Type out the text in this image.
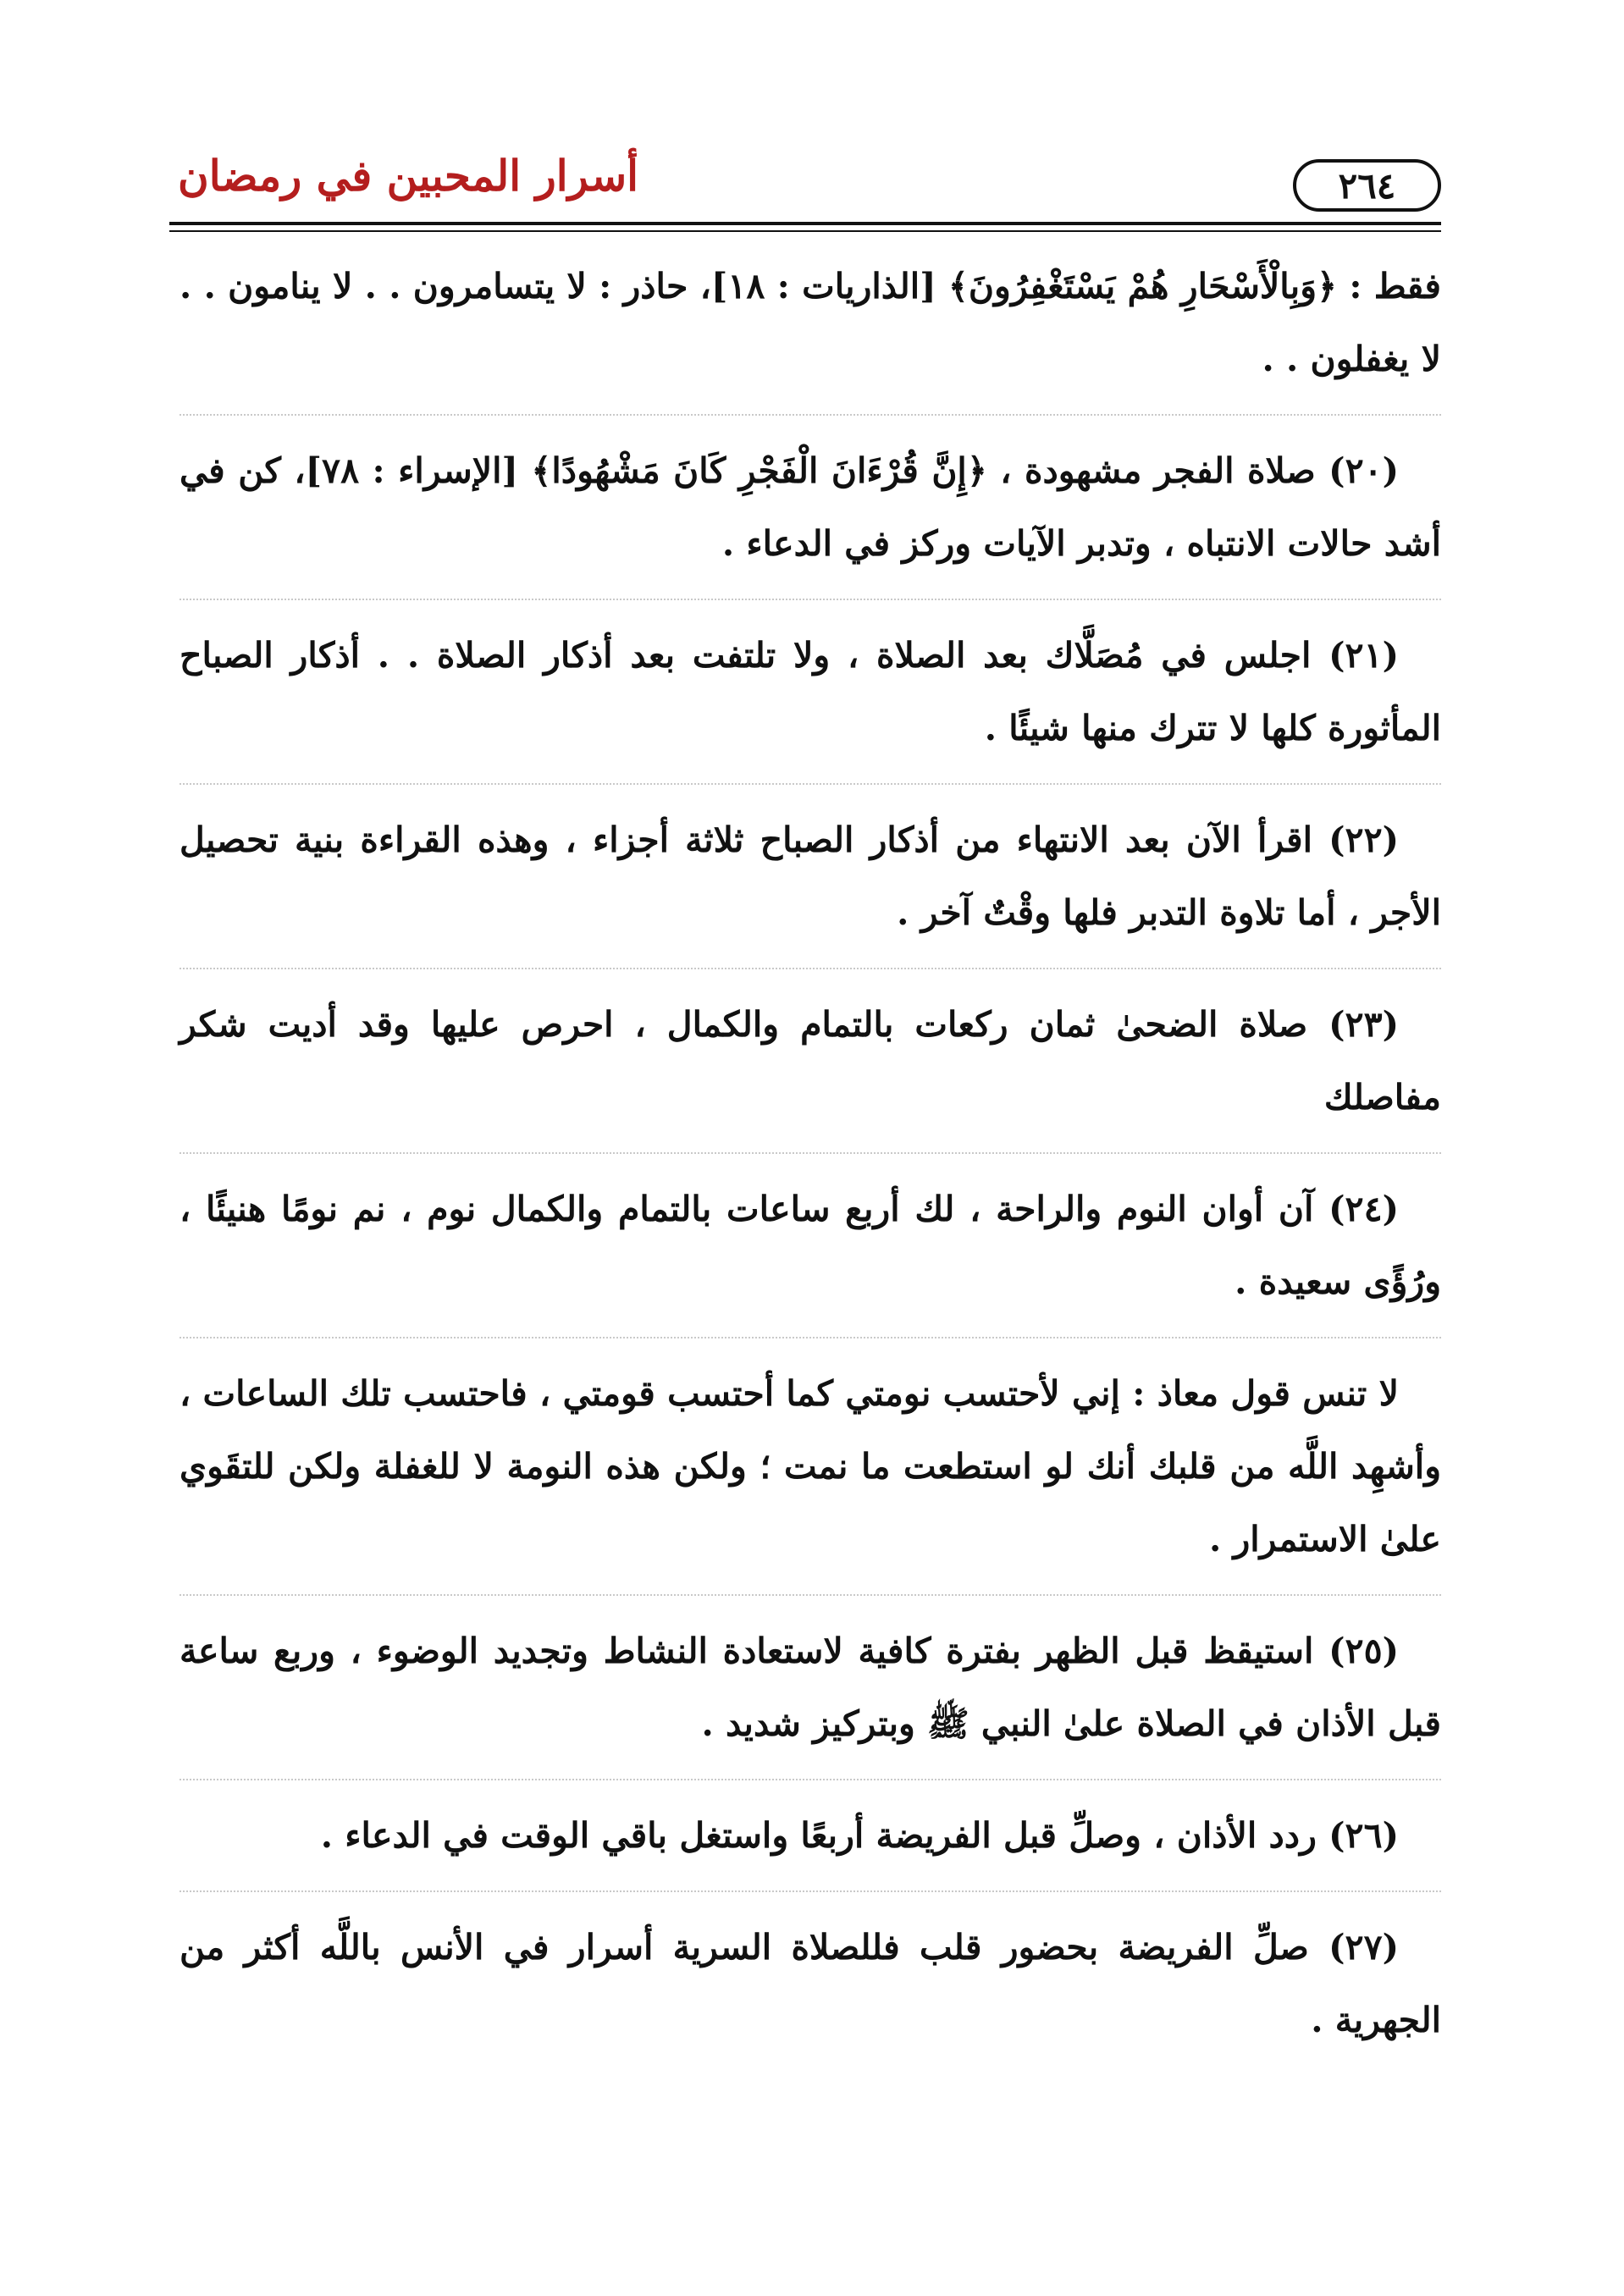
٢٦٤
أسرار المحبين في رمضان

فقط : ﴿وَبِالْأَسْحَارِ هُمْ يَسْتَغْفِرُونَ﴾ [الذاريات : ١٨]، حاذر : لا يتسامرون . . لا ينامون . . لا يغفلون . .

(٢٠) صلاة الفجر مشهودة ، ﴿إِنَّ قُرْءَانَ الْفَجْرِ كَانَ مَشْهُودًا﴾ [الإسراء : ٧٨]، كن في أشد حالات الانتباه ، وتدبر الآيات وركز في الدعاء .

(٢١) اجلس في مُصَلَّاك بعد الصلاة ، ولا تلتفت بعد أذكار الصلاة . . أذكار الصباح المأثورة كلها لا تترك منها شيئًا .

(٢٢) اقرأ الآن بعد الانتهاء من أذكار الصباح ثلاثة أجزاء ، وهذه القراءة بنية تحصيل الأجر ، أما تلاوة التدبر فلها وقْتٌ آخر .

(٢٣) صلاة الضحىٰ ثمان ركعات بالتمام والكمال ، احرص عليها وقد أديت شكر مفاصلك

(٢٤) آن أوان النوم والراحة ، لك أربع ساعات بالتمام والكمال نوم ، نم نومًا هنيئًا ، ورُؤًى سعيدة .

لا تنس قول معاذ : إني لأحتسب نومتي كما أحتسب قومتي ، فاحتسب تلك الساعات ، وأشهِد اللَّه من قلبك أنك لو استطعت ما نمت ؛ ولكن هذه النومة لا للغفلة ولكن للتقَوي علىٰ الاستمرار .

(٢٥) استيقظ قبل الظهر بفترة كافية لاستعادة النشاط وتجديد الوضوء ، وربع ساعة قبل الأذان في الصلاة علىٰ النبي ﷺ وبتركيز شديد .

(٢٦) ردد الأذان ، وصلِّ قبل الفريضة أربعًا واستغل باقي الوقت في الدعاء .

(٢٧) صلِّ الفريضة بحضور قلب فللصلاة السرية أسرار في الأنس باللَّه أكثر من الجهرية .
